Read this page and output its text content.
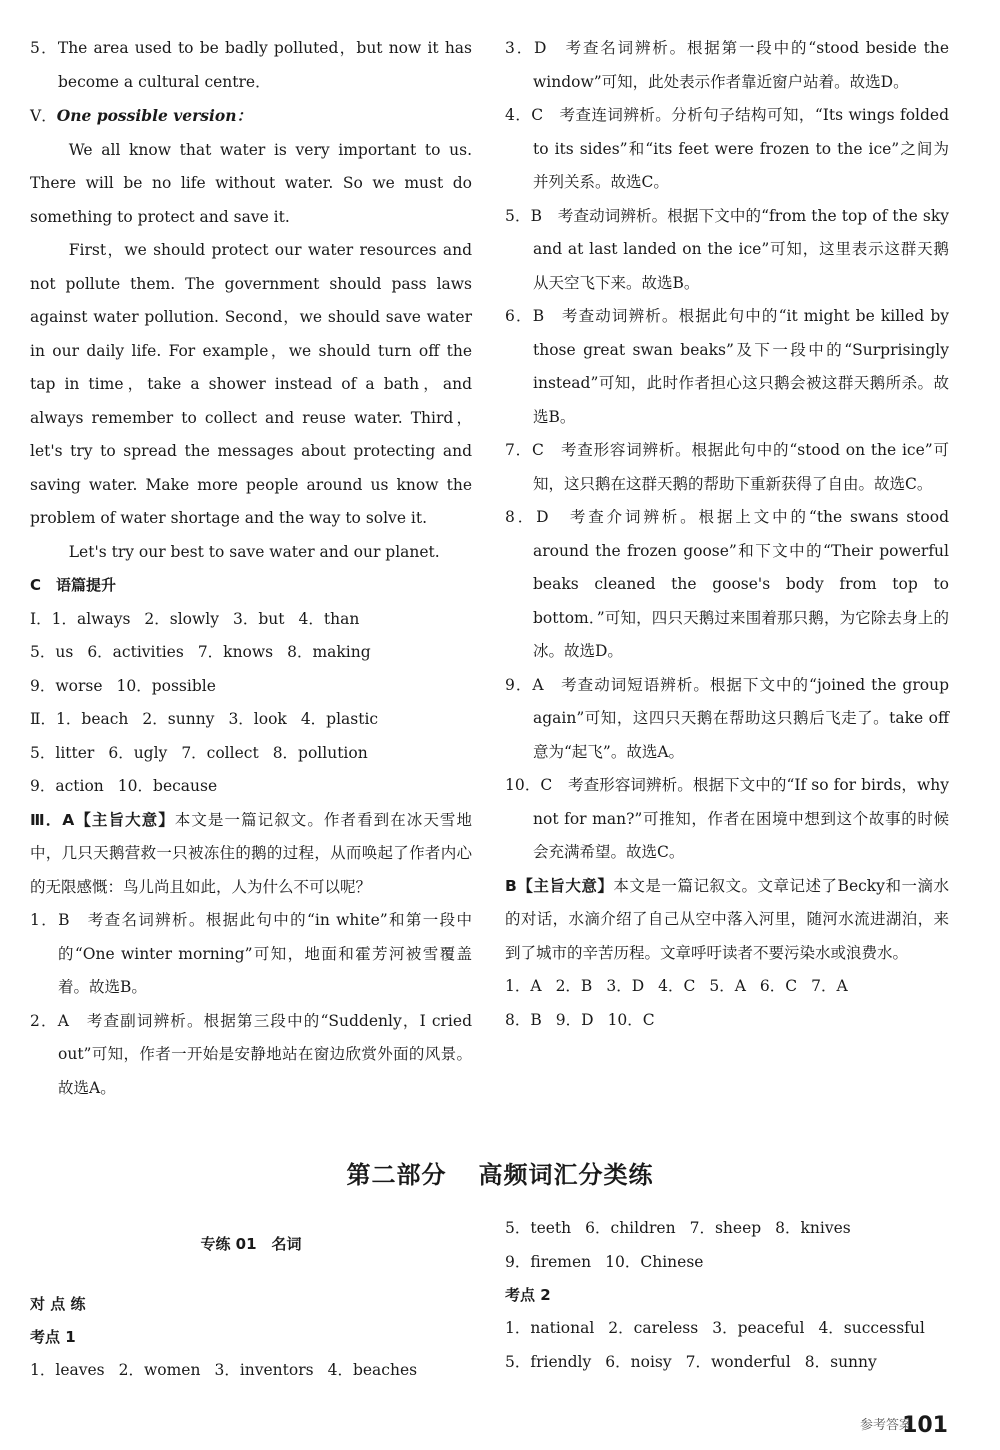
5．The area used to be badly polluted，but now it has become a cultural centre．

Ⅴ．One possible version：

We all know that water is very important to us. There will be no life without water. So we must do something to protect and save it.

First，we should protect our water resources and not pollute them. The government should pass laws against water pollution. Second，we should save water in our daily life. For example，we should turn off the tap in time，take a shower instead of a bath，and always remember to collect and reuse water. Third，let's try to spread the messages about protecting and saving water. Make more people around us know the problem of water shortage and the way to solve it.

Let's try our best to save water and our planet.

C　语篇提升

Ⅰ．1．always 2．slowly 3．but 4．than
5．us 6．activities 7．knows 8．making
9．worse 10．possible
Ⅱ．1．beach 2．sunny 3．look 4．plastic
5．litter 6．ugly 7．collect 8．pollution
9．action 10．because

Ⅲ．A【主旨大意】本文是一篇记叙文。作者看到在冰天雪地中，几只天鹅营救一只被冻住的鹅的过程，从而唤起了作者内心的无限感慨：鸟儿尚且如此，人为什么不可以呢？

1．B　考查名词辨析。根据此句中的“in white”和第一段中的“One winter morning”可知，地面和霍芳河被雪覆盖着。故选B。

2．A　考查副词辨析。根据第三段中的“Suddenly，I cried out”可知，作者一开始是安静地站在窗边欣赏外面的风景。故选A。

3．D　考查名词辨析。根据第一段中的“stood beside the window”可知，此处表示作者靠近窗户站着。故选D。

4．C　考查连词辨析。分析句子结构可知，“Its wings folded to its sides”和“its feet were frozen to the ice”之间为并列关系。故选C。

5．B　考查动词辨析。根据下文中的“from the top of the sky and at last landed on the ice”可知，这里表示这群天鹅从天空飞下来。故选B。

6．B　考查动词辨析。根据此句中的“it might be killed by those great swan beaks”及下一段中的“Surprisingly instead”可知，此时作者担心这只鹅会被这群天鹅所杀。故选B。

7．C　考查形容词辨析。根据此句中的“stood on the ice”可知，这只鹅在这群天鹅的帮助下重新获得了自由。故选C。

8．D　考查介词辨析。根据上文中的“the swans stood around the frozen goose”和下文中的“Their powerful beaks cleaned the goose's body from top to bottom．”可知，四只天鹅过来围着那只鹅，为它除去身上的冰。故选D。

9．A　考查动词短语辨析。根据下文中的“joined the group again”可知，这四只天鹅在帮助这只鹅后飞走了。take off意为“起飞”。故选A。

10．C　考查形容词辨析。根据下文中的“If so for birds，why not for man?”可推知，作者在困境中想到这个故事的时候会充满希望。故选C。

B【主旨大意】本文是一篇记叙文。文章记述了Becky和一滴水的对话，水滴介绍了自己从空中落入河里，随河水流进湖泊，来到了城市的辛苦历程。文章呼吁读者不要污染水或浪费水。

1．A 2．B 3．D 4．C 5．A 6．C 7．A
8．B 9．D 10．C
第二部分 高频词汇分类练

专练 01　名词

对 点 练

考点 1

1．leaves 2．women 3．inventors 4．beaches
5．teeth 6．children 7．sheep 8．knives
9．firemen 10．Chinese

考点 2

1．national 2．careless 3．peaceful 4．successful
5．friendly 6．noisy 7．wonderful 8．sunny
参考答案
101
